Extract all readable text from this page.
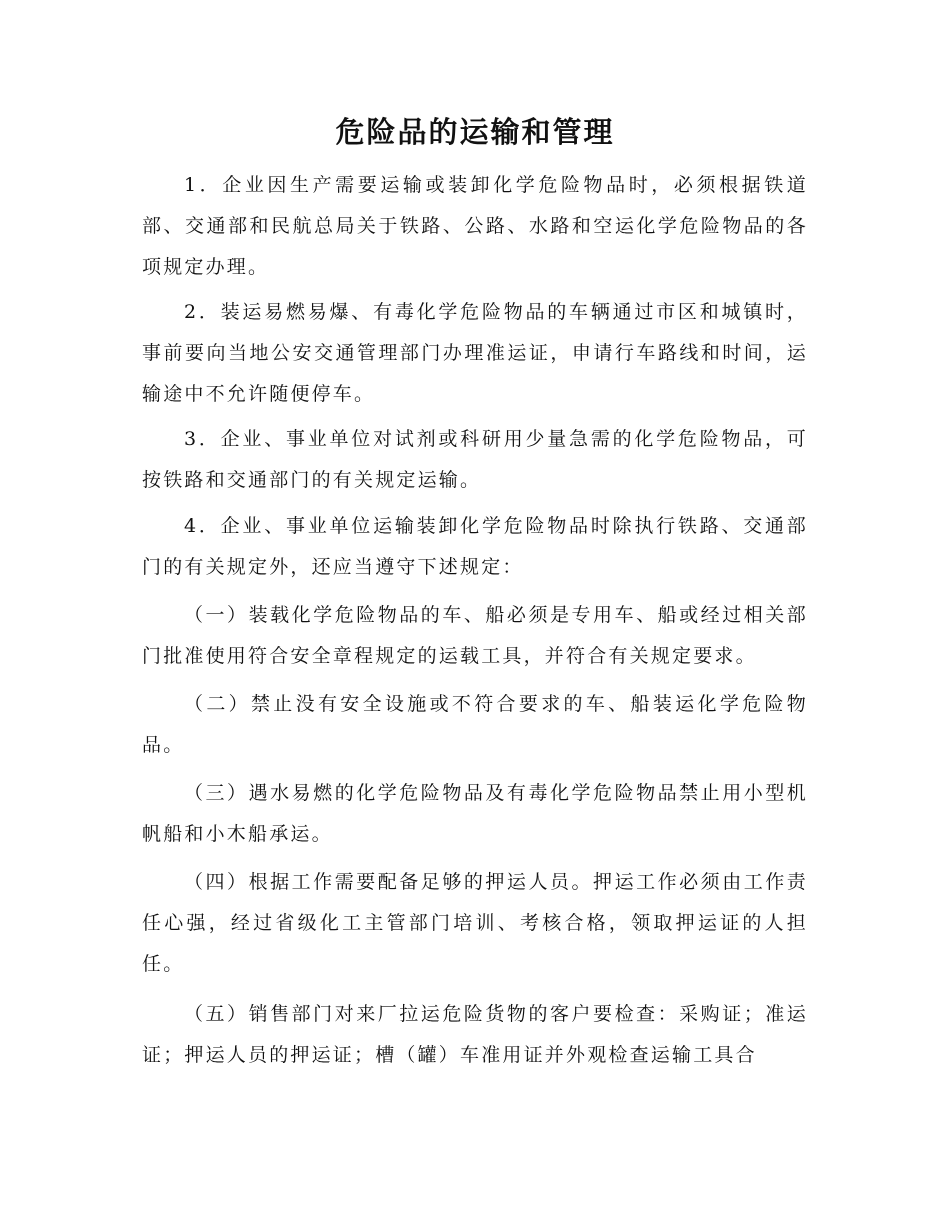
危险品的运输和管理

1．企业因生产需要运输或装卸化学危险物品时，必须根据铁道部、交通部和民航总局关于铁路、公路、水路和空运化学危险物品的各项规定办理。

2．装运易燃易爆、有毒化学危险物品的车辆通过市区和城镇时，事前要向当地公安交通管理部门办理准运证，申请行车路线和时间，运输途中不允许随便停车。

3．企业、事业单位对试剂或科研用少量急需的化学危险物品，可按铁路和交通部门的有关规定运输。

4．企业、事业单位运输装卸化学危险物品时除执行铁路、交通部门的有关规定外，还应当遵守下述规定：

（一）装载化学危险物品的车、船必须是专用车、船或经过相关部门批准使用符合安全章程规定的运载工具，并符合有关规定要求。

（二）禁止没有安全设施或不符合要求的车、船装运化学危险物品。

（三）遇水易燃的化学危险物品及有毒化学危险物品禁止用小型机帆船和小木船承运。

（四）根据工作需要配备足够的押运人员。押运工作必须由工作责任心强，经过省级化工主管部门培训、考核合格，领取押运证的人担任。

（五）销售部门对来厂拉运危险货物的客户要检查：采购证；准运证；押运人员的押运证；槽（罐）车准用证并外观检查运输工具合
